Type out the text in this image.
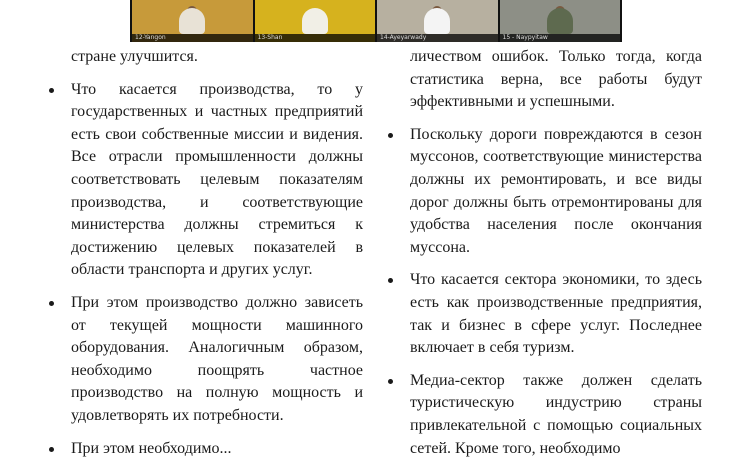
12-Yangon	13-Shan	14-Ayeyarwady	15 - Naypyitaw

стране улучшится.

Что касается производства, то у государственных и частных предприятий есть свои собственные миссии и видения. Все отрасли промышленности должны соответствовать целевым показателям производства, и соответствующие министерства должны стремиться к достижению целевых показателей в области транспорта и других услуг.
При этом производство должно зависеть от текущей мощности машинного оборудования. Аналогичным образом, необходимо поощрять частное производство на полную мощность и удовлетворять их потребности.
При этом необходимо...

личеством ошибок. Только тогда, когда статистика верна, все работы будут эффективными и успешными.

Поскольку дороги повреждаются в сезон муссонов, соответствующие министерства должны их ремонтировать, и все виды дорог должны быть отремонтированы для удобства населения после окончания муссона.
Что касается сектора экономики, то здесь есть как производственные предприятия, так и бизнес в сфере услуг. Последнее включает в себя туризм.
Медиа-сектор также должен сделать туристическую индустрию страны привлекательной с помощью социальных сетей. Кроме того, необходимо
